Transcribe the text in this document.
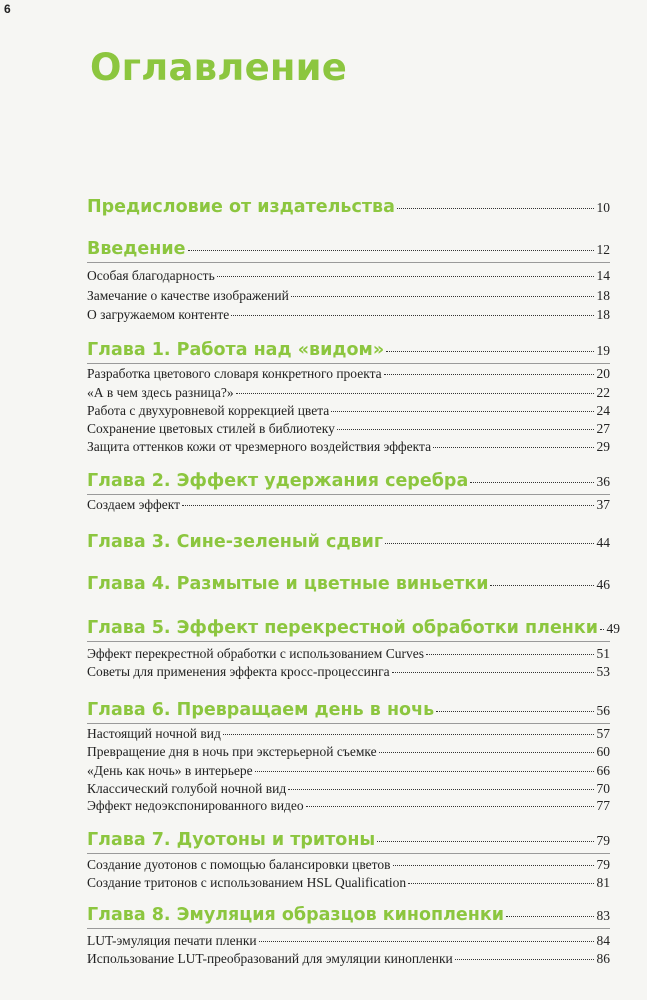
6
Оглавление
Предисловие от издательства	10
Введение	12
Особая благодарность	14
Замечание о качестве изображений	18
О загружаемом контенте	18
Глава 1. Работа над «видом»	19
Разработка цветового словаря конкретного проекта	20
«А в чем здесь разница?»	22
Работа с двухуровневой коррекцией цвета	24
Сохранение цветовых стилей в библиотеку	27
Защита оттенков кожи от чрезмерного воздействия эффекта	29
Глава 2. Эффект удержания серебра	36
Создаем эффект	37
Глава 3. Сине-зеленый сдвиг	44
Глава 4. Размытые и цветные виньетки	46
Глава 5. Эффект перекрестной обработки пленки 49
Эффект перекрестной обработки с использованием Curves	51
Советы для применения эффекта кросс-процессинга	53
Глава 6. Превращаем день в ночь	56
Настоящий ночной вид	57
Превращение дня в ночь при экстерьерной съемке	60
«День как ночь» в интерьере	66
Классический голубой ночной вид	70
Эффект недоэкспонированного видео	77
Глава 7. Дуотоны и тритоны	79
Создание дуотонов с помощью балансировки цветов	79
Создание тритонов с использованием HSL Qualification	81
Глава 8. Эмуляция образцов кинопленки	83
LUT-эмуляция печати пленки	84
Использование LUT-преобразований для эмуляции кинопленки	86
